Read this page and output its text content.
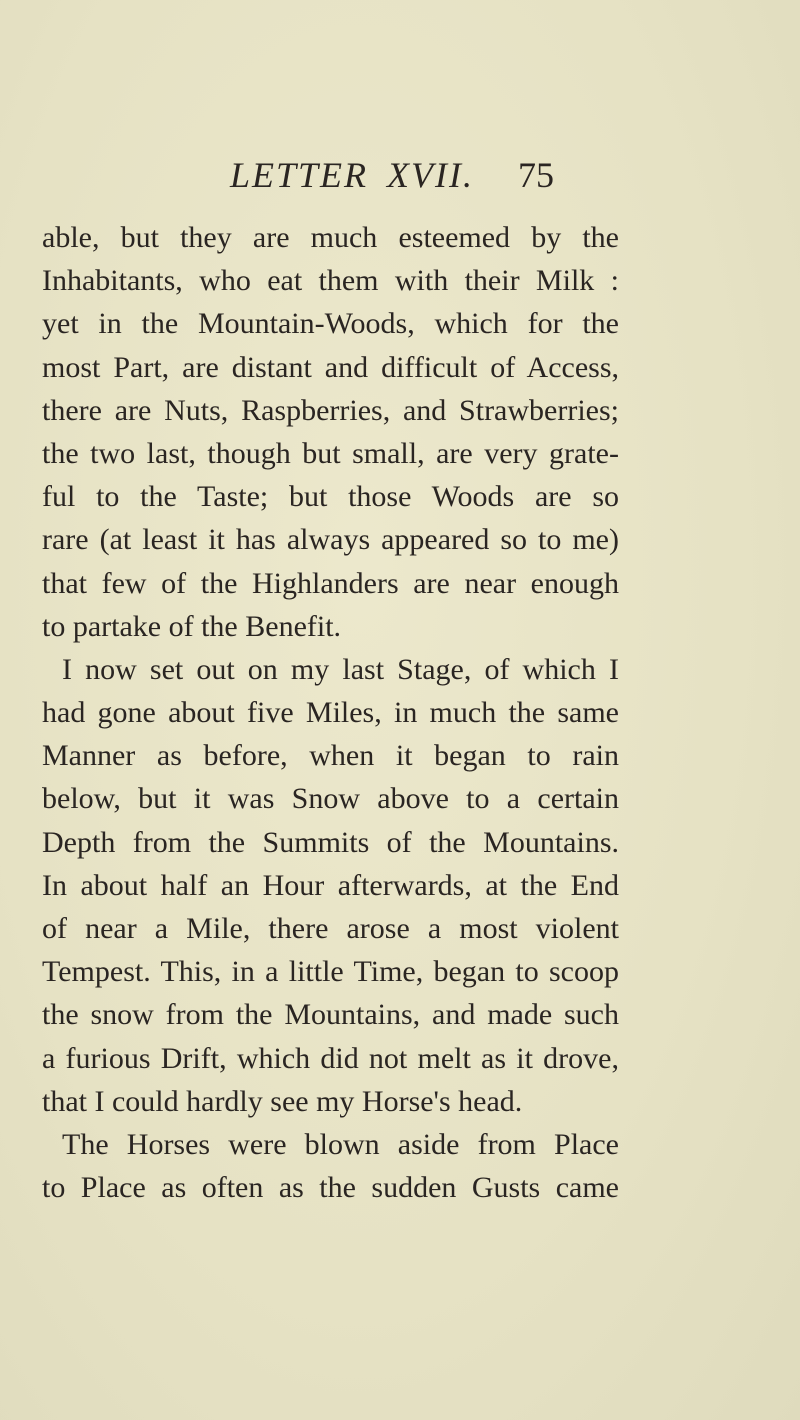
LETTER XVII. 75
able, but they are much esteemed by the
Inhabitants, who eat them with their Milk :
yet in the Mountain-Woods, which for the
most Part, are distant and difficult of Access,
there are Nuts, Raspberries, and Strawberries;
the two last, though but small, are very grate-
ful to the Taste; but those Woods are so
rare (at least it has always appeared so to me)
that few of the Highlanders are near enough
to partake of the Benefit.
I now set out on my last Stage, of which I
had gone about five Miles, in much the same
Manner as before, when it began to rain
below, but it was Snow above to a certain
Depth from the Summits of the Mountains.
In about half an Hour afterwards, at the End
of near a Mile, there arose a most violent
Tempest. This, in a little Time, began to scoop
the snow from the Mountains, and made such
a furious Drift, which did not melt as it drove,
that I could hardly see my Horse's head.
The Horses were blown aside from Place
to Place as often as the sudden Gusts came
